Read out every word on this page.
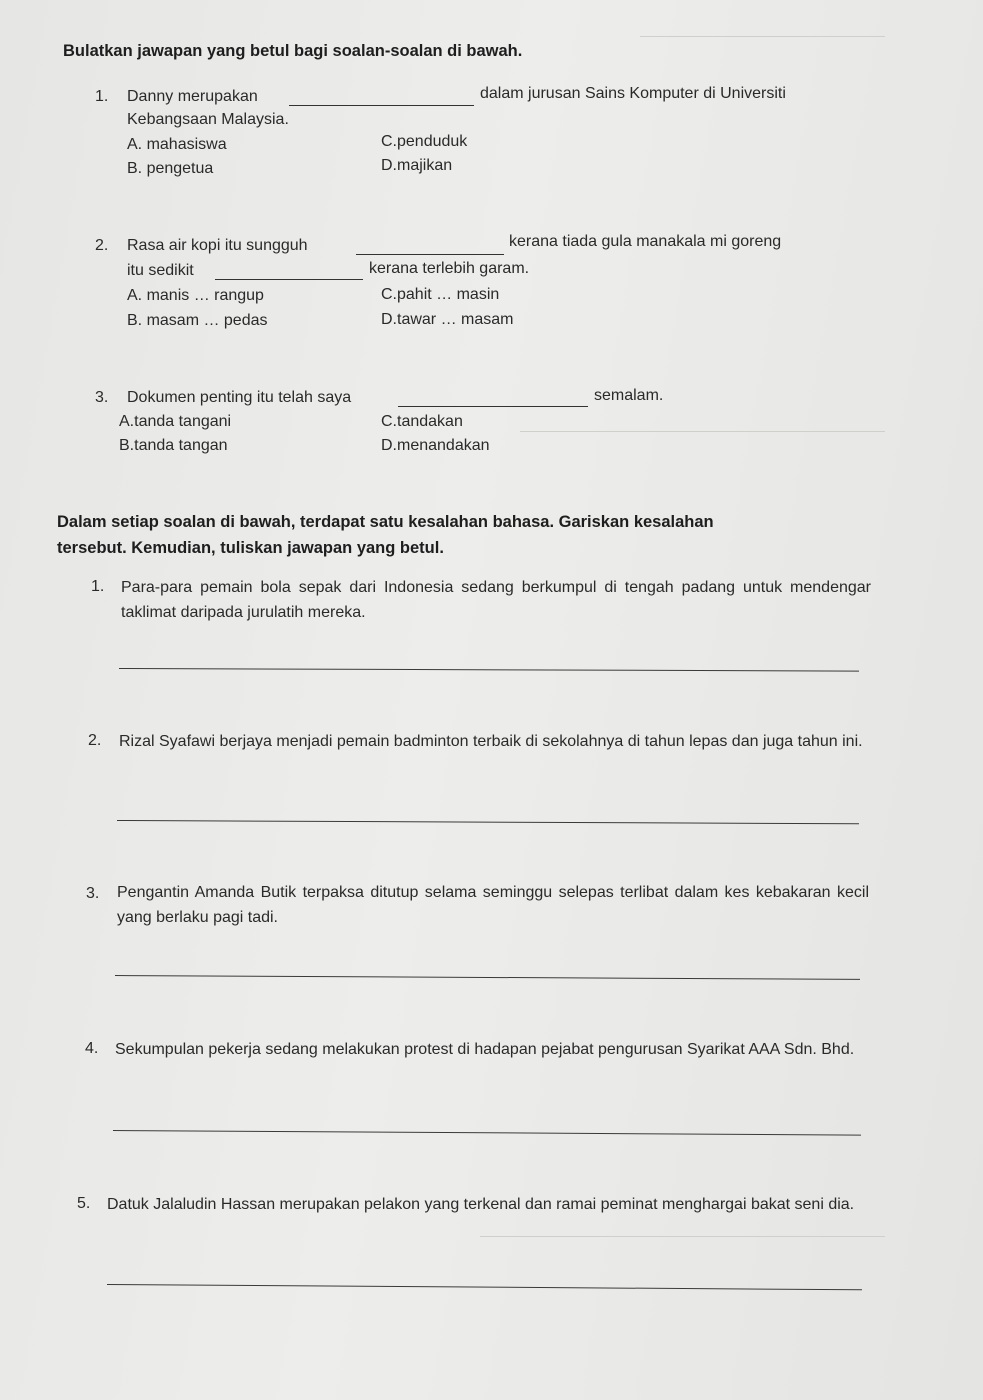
Bulatkan jawapan yang betul bagi soalan-soalan di bawah.
1. Danny merupakan	dalam jurusan Sains Komputer di Universiti
Kebangsaan Malaysia.
A. mahasiswa	C.penduduk
B. pengetua	D.majikan
2. Rasa air kopi itu sungguh	kerana tiada gula manakala mi goreng
itu sedikit	kerana terlebih garam.
A. manis … rangup	C.pahit … masin
B. masam … pedas	D.tawar … masam
3. Dokumen penting itu telah saya	semalam.
A.tanda tangani	C.tandakan
B.tanda tangan	D.menandakan
Dalam setiap soalan di bawah, terdapat satu kesalahan bahasa. Gariskan kesalahan
tersebut. Kemudian, tuliskan jawapan yang betul.
1. Para-para pemain bola sepak dari Indonesia sedang berkumpul di tengah padang untuk mendengar taklimat daripada jurulatih mereka.
2. Rizal Syafawi berjaya menjadi pemain badminton terbaik di sekolahnya di tahun lepas dan juga tahun ini.
3. Pengantin Amanda Butik terpaksa ditutup selama seminggu selepas terlibat dalam kes kebakaran kecil yang berlaku pagi tadi.
4. Sekumpulan pekerja sedang melakukan protest di hadapan pejabat pengurusan Syarikat AAA Sdn. Bhd.
5. Datuk Jalaludin Hassan merupakan pelakon yang terkenal dan ramai peminat menghargai bakat seni dia.
